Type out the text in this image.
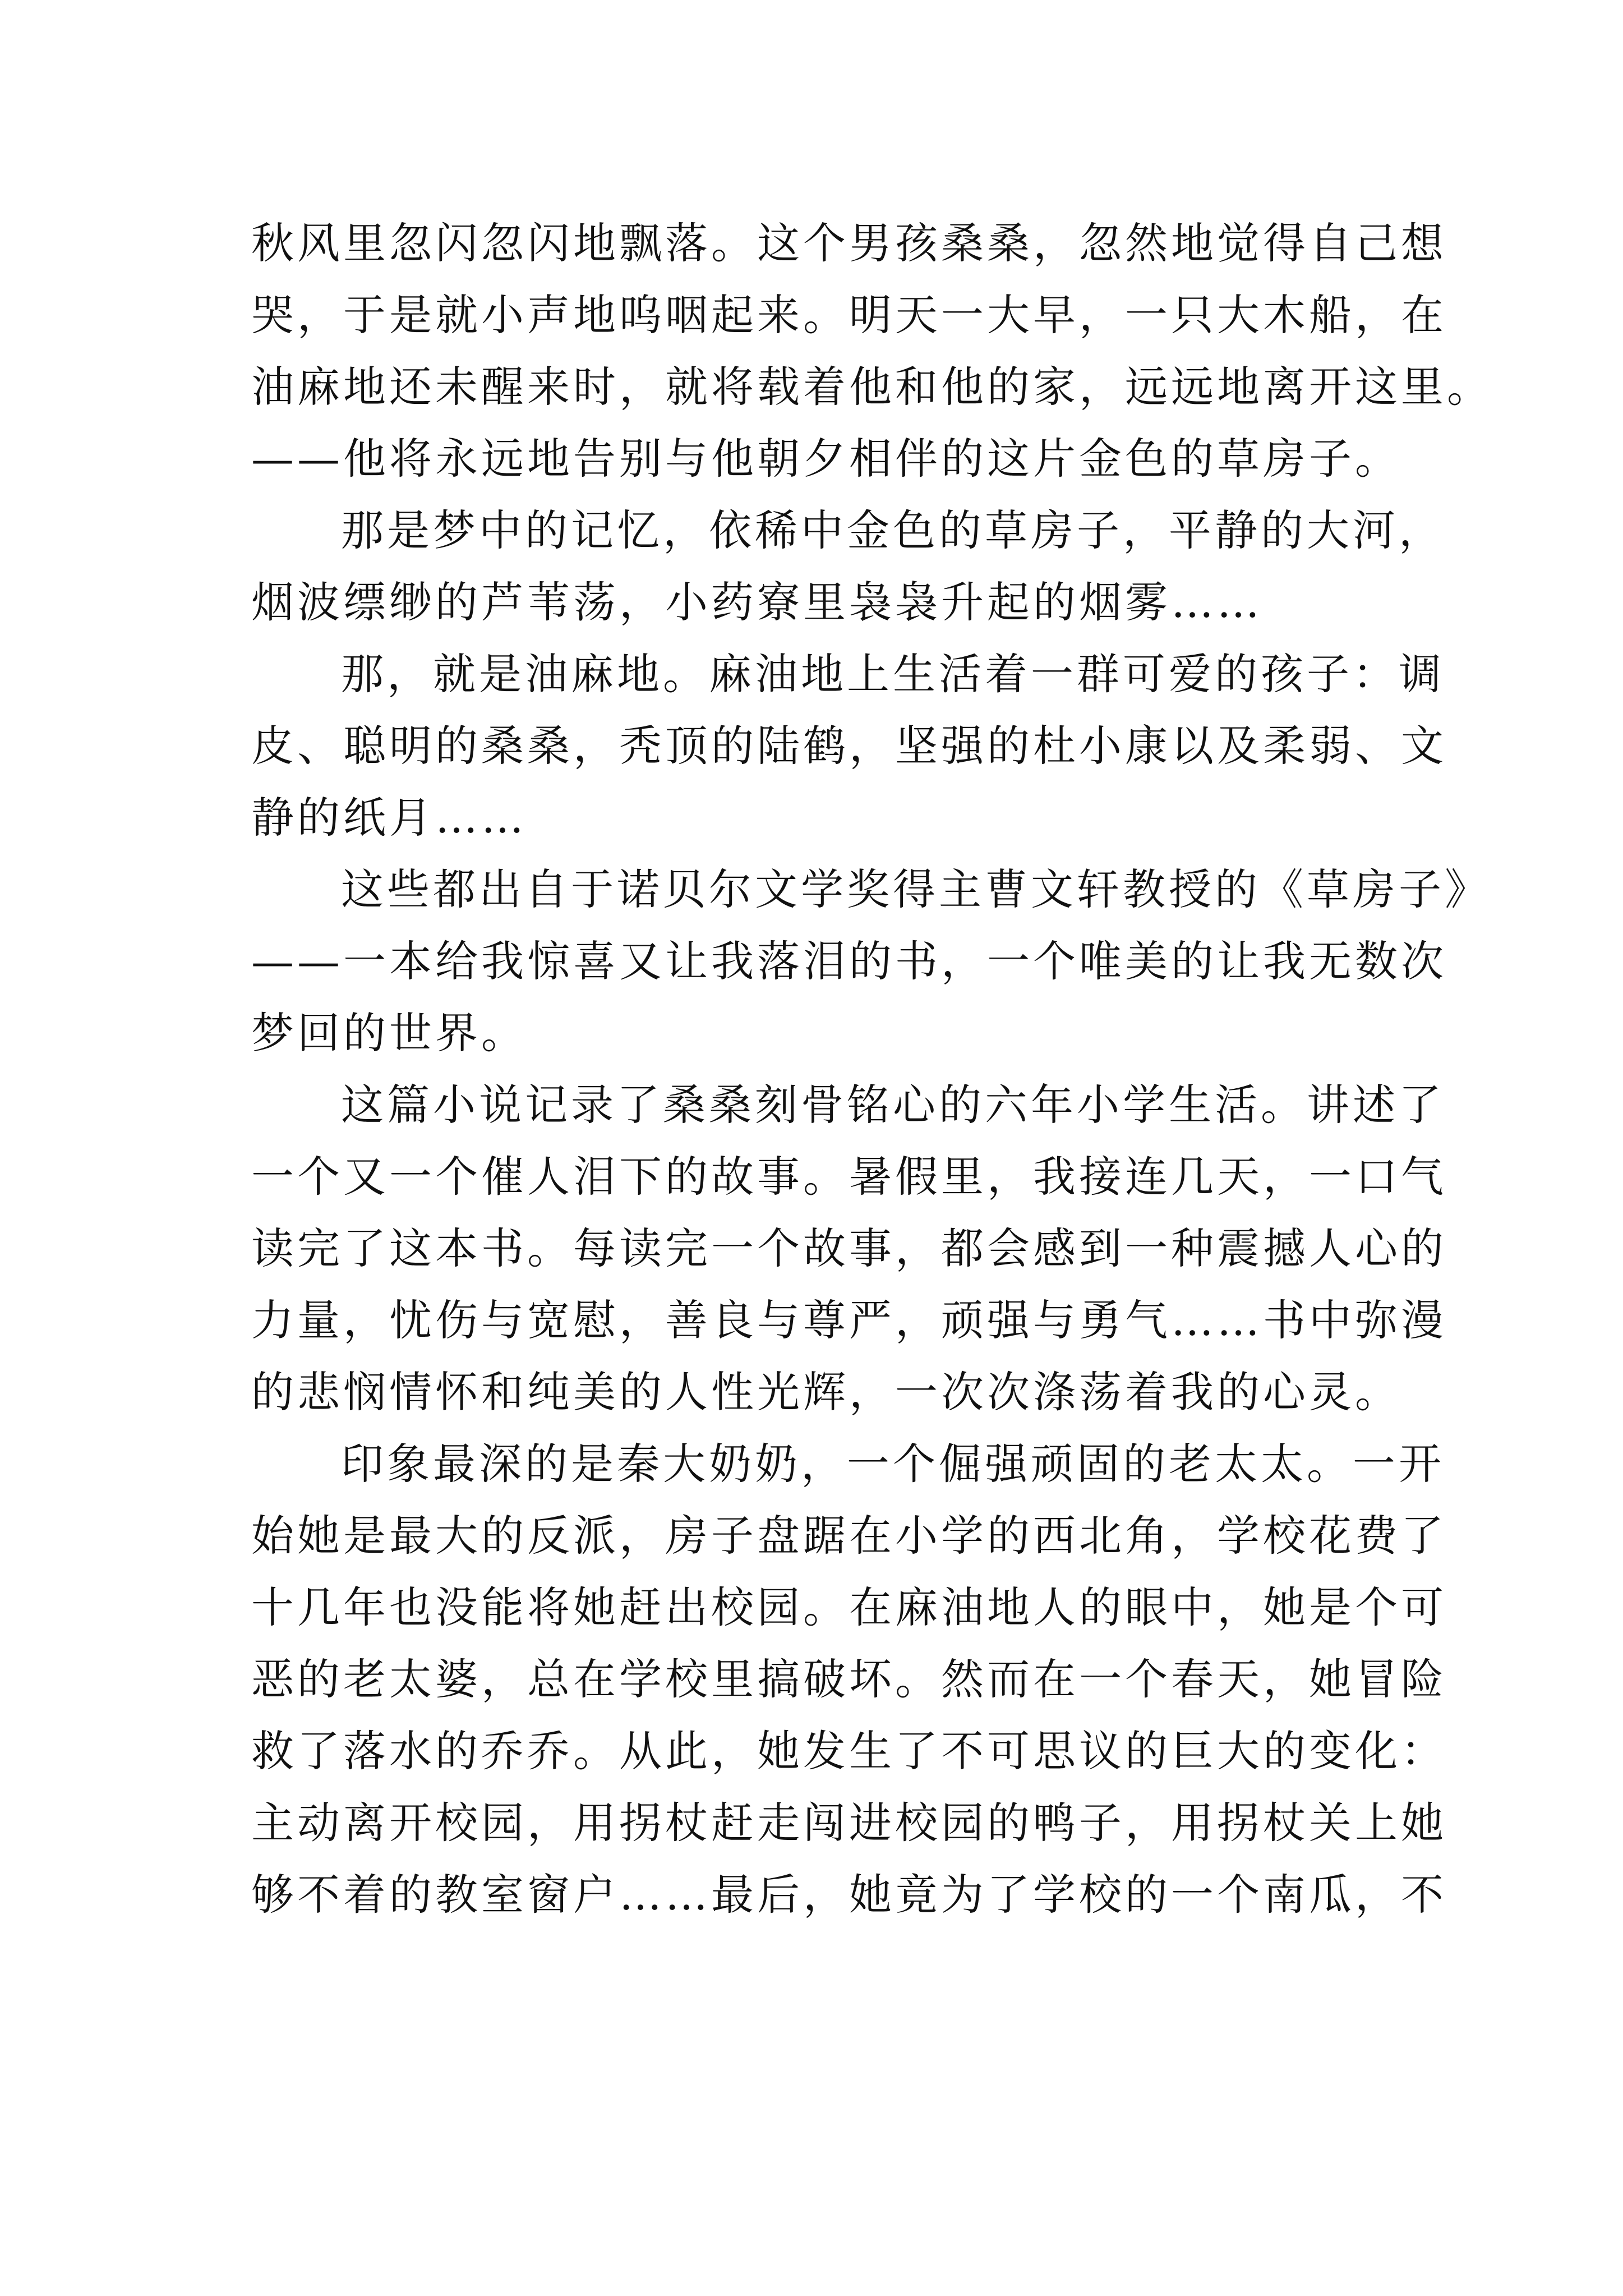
秋风里忽闪忽闪地飘落。这个男孩桑桑，忽然地觉得自己想
哭，于是就小声地呜咽起来。明天一大早，一只大木船，在
油麻地还未醒来时，就将载着他和他的家，远远地离开这里。
——他将永远地告别与他朝夕相伴的这片金色的草房子。
那是梦中的记忆，依稀中金色的草房子，平静的大河，
烟波缥缈的芦苇荡，小药寮里袅袅升起的烟雾……
那，就是油麻地。麻油地上生活着一群可爱的孩子：调
皮、聪明的桑桑，秃顶的陆鹤，坚强的杜小康以及柔弱、文
静的纸月……
这些都出自于诺贝尔文学奖得主曹文轩教授的《草房子》
——一本给我惊喜又让我落泪的书，一个唯美的让我无数次
梦回的世界。
这篇小说记录了桑桑刻骨铭心的六年小学生活。讲述了
一个又一个催人泪下的故事。暑假里，我接连几天，一口气
读完了这本书。每读完一个故事，都会感到一种震撼人心的
力量，忧伤与宽慰，善良与尊严，顽强与勇气……书中弥漫
的悲悯情怀和纯美的人性光辉，一次次涤荡着我的心灵。
印象最深的是秦大奶奶，一个倔强顽固的老太太。一开
始她是最大的反派，房子盘踞在小学的西北角，学校花费了
十几年也没能将她赶出校园。在麻油地人的眼中，她是个可
恶的老太婆，总在学校里搞破坏。然而在一个春天，她冒险
救了落水的乔乔。从此，她发生了不可思议的巨大的变化：
主动离开校园，用拐杖赶走闯进校园的鸭子，用拐杖关上她
够不着的教室窗户……最后，她竟为了学校的一个南瓜，不
